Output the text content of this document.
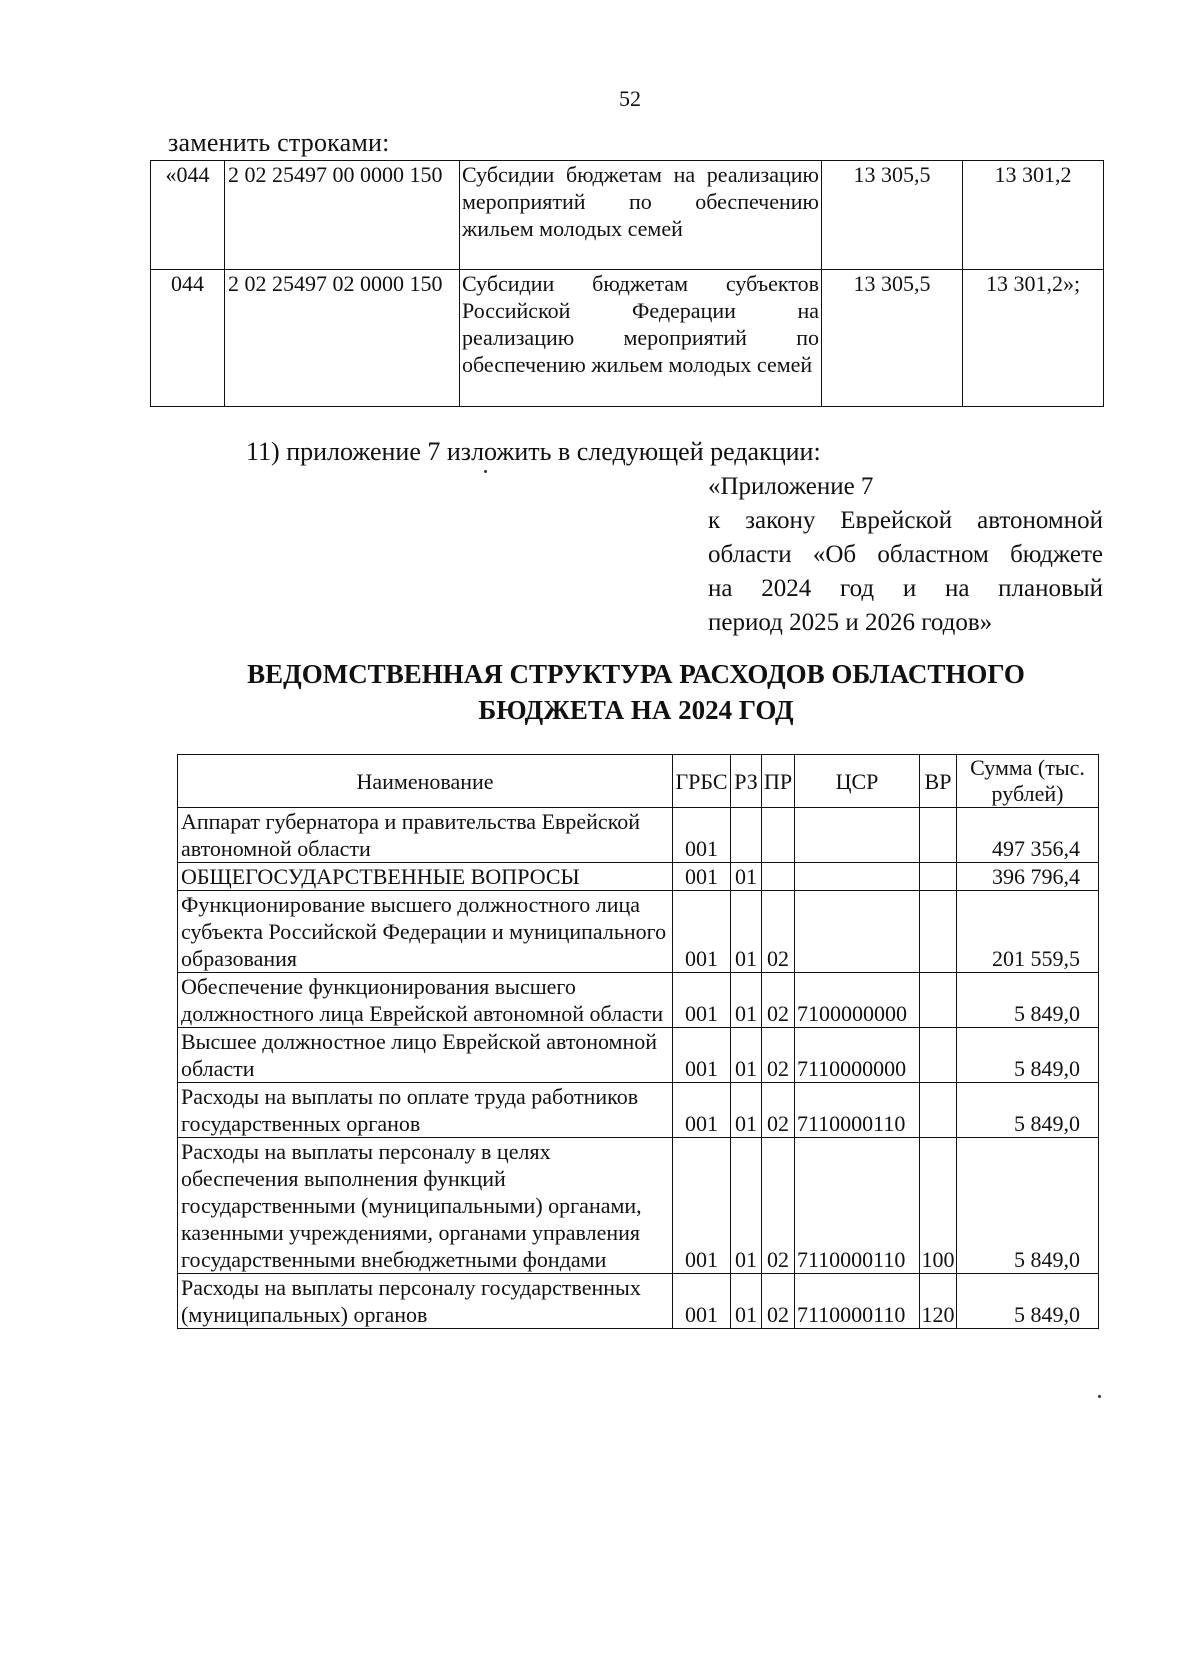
52
заменить строками:
«044	2 02 25497 00 0000 150	Субсидии бюджетам на реализацию мероприятий по обеспечению жильем молодых семей	13 305,5	13 301,2
044	2 02 25497 02 0000 150	Субсидии бюджетам субъектов Российской Федерации на реализацию мероприятий по обеспечению жильем молодых семей	13 305,5	13 301,2»;
11) приложение 7 изложить в следующей редакции:
«Приложение 7
к закону Еврейской автономной
области «Об областном бюджете
на 2024 год и на плановый
период 2025 и 2026 годов»
ВЕДОМСТВЕННАЯ СТРУКТУРА РАСХОДОВ ОБЛАСТНОГО
БЮДЖЕТА НА 2024 ГОД
Наименование	ГРБС	РЗ	ПР	ЦСР	ВР	Сумма (тыс. рублей)
Аппарат губернатора и правительства Еврейской автономной области	001					497 356,4
ОБЩЕГОСУДАРСТВЕННЫЕ ВОПРОСЫ	001	01				396 796,4
Функционирование высшего должностного лица субъекта Российской Федерации и муниципального образования	001	01	02			201 559,5
Обеспечение функционирования высшего должностного лица Еврейской автономной области	001	01	02	7100000000		5 849,0
Высшее должностное лицо Еврейской автономной области	001	01	02	7110000000		5 849,0
Расходы на выплаты по оплате труда работников государственных органов	001	01	02	7110000110		5 849,0
Расходы на выплаты персоналу в целях обеспечения выполнения функций государственными (муниципальными) органами, казенными учреждениями, органами управления государственными внебюджетными фондами	001	01	02	7110000110	100	5 849,0
Расходы на выплаты персоналу государственных (муниципальных) органов	001	01	02	7110000110	120	5 849,0
